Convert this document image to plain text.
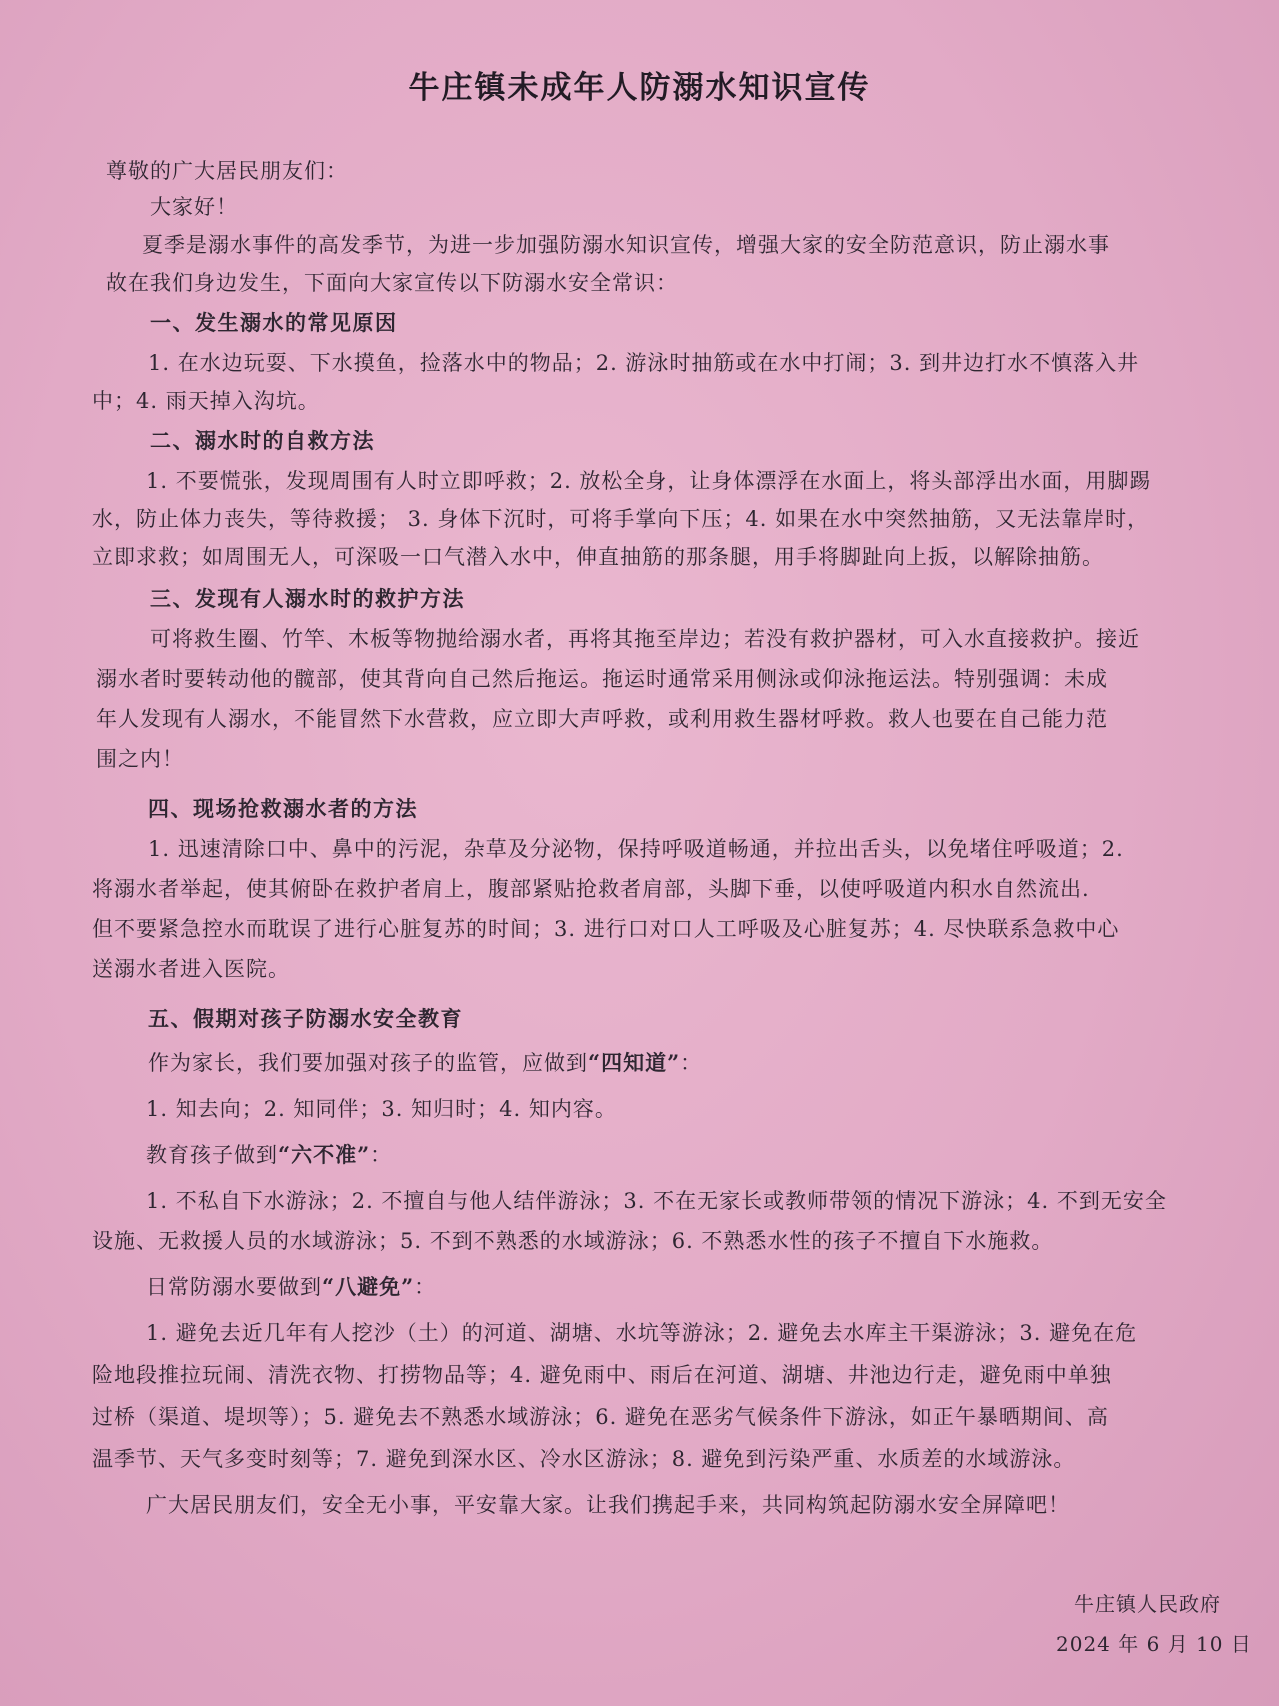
牛庄镇未成年人防溺水知识宣传
尊敬的广大居民朋友们：
大家好！
夏季是溺水事件的高发季节，为进一步加强防溺水知识宣传，增强大家的安全防范意识，防止溺水事
故在我们身边发生，下面向大家宣传以下防溺水安全常识：
一、发生溺水的常见原因
1. 在水边玩耍、下水摸鱼，捡落水中的物品；2. 游泳时抽筋或在水中打闹；3. 到井边打水不慎落入井
中；4. 雨天掉入沟坑。
二、溺水时的自救方法
1. 不要慌张，发现周围有人时立即呼救；2. 放松全身，让身体漂浮在水面上，将头部浮出水面，用脚踢
水，防止体力丧失，等待救援； 3. 身体下沉时，可将手掌向下压；4. 如果在水中突然抽筋，又无法靠岸时，
立即求救；如周围无人，可深吸一口气潜入水中，伸直抽筋的那条腿，用手将脚趾向上扳，以解除抽筋。
三、发现有人溺水时的救护方法
可将救生圈、竹竿、木板等物抛给溺水者，再将其拖至岸边；若没有救护器材，可入水直接救护。接近
溺水者时要转动他的髋部，使其背向自己然后拖运。拖运时通常采用侧泳或仰泳拖运法。特别强调：未成
年人发现有人溺水，不能冒然下水营救，应立即大声呼救，或利用救生器材呼救。救人也要在自己能力范
围之内！
四、现场抢救溺水者的方法
1. 迅速清除口中、鼻中的污泥，杂草及分泌物，保持呼吸道畅通，并拉出舌头，以免堵住呼吸道；2.
将溺水者举起，使其俯卧在救护者肩上，腹部紧贴抢救者肩部，头脚下垂，以使呼吸道内积水自然流出.
但不要紧急控水而耽误了进行心脏复苏的时间；3. 进行口对口人工呼吸及心脏复苏；4. 尽快联系急救中心
送溺水者进入医院。
五、假期对孩子防溺水安全教育
作为家长，我们要加强对孩子的监管，应做到“四知道”：
1. 知去向；2. 知同伴；3. 知归时；4. 知内容。
教育孩子做到“六不准”：
1. 不私自下水游泳；2. 不擅自与他人结伴游泳；3. 不在无家长或教师带领的情况下游泳；4. 不到无安全
设施、无救援人员的水域游泳；5. 不到不熟悉的水域游泳；6. 不熟悉水性的孩子不擅自下水施救。
日常防溺水要做到“八避免”：
1. 避免去近几年有人挖沙（土）的河道、湖塘、水坑等游泳；2. 避免去水库主干渠游泳；3. 避免在危
险地段推拉玩闹、清洗衣物、打捞物品等；4. 避免雨中、雨后在河道、湖塘、井池边行走，避免雨中单独
过桥（渠道、堤坝等）；5. 避免去不熟悉水域游泳；6. 避免在恶劣气候条件下游泳，如正午暴晒期间、高
温季节、天气多变时刻等；7. 避免到深水区、冷水区游泳；8. 避免到污染严重、水质差的水域游泳。
广大居民朋友们，安全无小事，平安靠大家。让我们携起手来，共同构筑起防溺水安全屏障吧！
牛庄镇人民政府
2024 年 6 月 10 日
